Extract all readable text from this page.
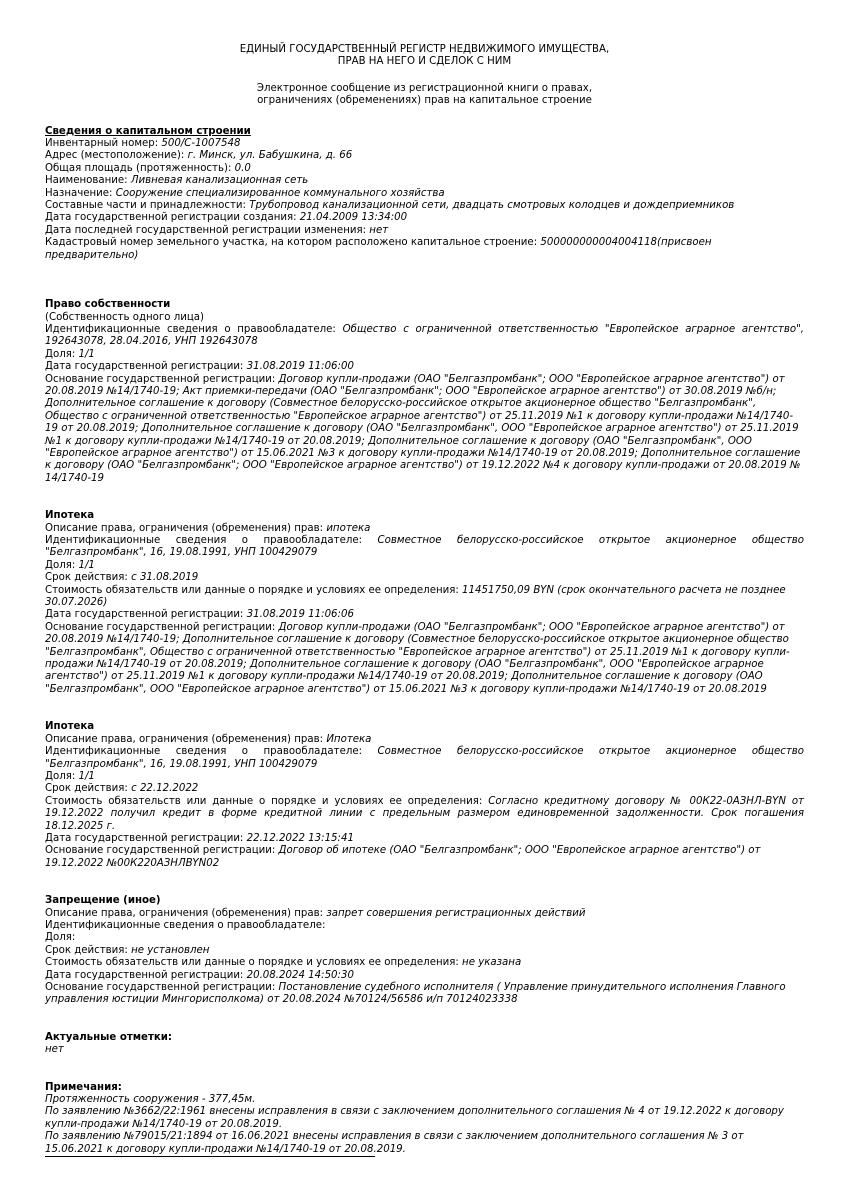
ЕДИНЫЙ ГОСУДАРСТВЕННЫЙ РЕГИСТР НЕДВИЖИМОГО ИМУЩЕСТВА,
ПРАВ НА НЕГО И СДЕЛОК С НИМ
Электронное сообщение из регистрационной книги о правах,
ограничениях (обременениях) прав на капитальное строение
Сведения о капитальном строении
Инвентарный номер: 500/C-1007548
Адрес (местоположение): г. Минск, ул. Бабушкина, д. 66
Общая площадь (протяженность): 0.0
Наименование: Ливневая канализационная сеть
Назначение: Сооружение специализированное коммунального хозяйства
Составные части и принадлежности: Трубопровод канализационной сети, двадцать смотровых колодцев и дождеприемников
Дата государственной регистрации создания: 21.04.2009 13:34:00
Дата последней государственной регистрации изменения: нет
Кадастровый номер земельного участка, на котором расположено капитальное строение: 500000000004004118(присвоен предварительно)
Право собственности
(Собственность одного лица)
Идентификационные сведения о правообладателе: Общество с ограниченной ответственностью "Европейское аграрное агентство", 192643078, 28.04.2016, УНП 192643078
Доля: 1/1
Дата государственной регистрации: 31.08.2019 11:06:00
Основание государственной регистрации: Договор купли-продажи (ОАО "Белгазпромбанк"; ООО "Европейское аграрное агентство") от 20.08.2019 №14/1740-19; Акт приемки-передачи (ОАО "Белгазпромбанк"; ООО "Европейское аграрное агентство") от 30.08.2019 №б/н; Дополнительное соглашение к договору (Совместное белорусско-российское открытое акционерное общество "Белгазпромбанк", Общество с ограниченной ответственностью "Европейское аграрное агентство") от 25.11.2019 №1 к договору купли-продажи №14/1740-19 от 20.08.2019; Дополнительное соглашение к договору (ОАО "Белгазпромбанк", ООО "Европейское аграрное агентство") от 25.11.2019 №1 к договору купли-продажи №14/1740-19 от 20.08.2019; Дополнительное соглашение к договору (ОАО "Белгазпромбанк", ООО "Европейское аграрное агентство") от 15.06.2021 №3 к договору купли-продажи №14/1740-19 от 20.08.2019; Дополнительное соглашение к договору (ОАО "Белгазпромбанк"; ООО "Европейское аграрное агентство") от 19.12.2022 №4 к договору купли-продажи от 20.08.2019 № 14/1740-19
Ипотека
Описание права, ограничения (обременения) прав: ипотека
Идентификационные сведения о правообладателе: Совместное белорусско-российское открытое акционерное общество "Белгазпромбанк", 16, 19.08.1991, УНП 100429079
Доля: 1/1
Срок действия: с 31.08.2019
Стоимость обязательств или данные о порядке и условиях ее определения: 11451750,09 BYN (срок окончательного расчета не позднее 30.07.2026)
Дата государственной регистрации: 31.08.2019 11:06:06
Основание государственной регистрации: Договор купли-продажи (ОАО "Белгазпромбанк"; ООО "Европейское аграрное агентство") от 20.08.2019 №14/1740-19; Дополнительное соглашение к договору (Совместное белорусско-российское открытое акционерное общество "Белгазпромбанк", Общество с ограниченной ответственностью "Европейское аграрное агентство") от 25.11.2019 №1 к договору купли-продажи №14/1740-19 от 20.08.2019; Дополнительное соглашение к договору (ОАО "Белгазпромбанк", ООО "Европейское аграрное агентство") от 25.11.2019 №1 к договору купли-продажи №14/1740-19 от 20.08.2019; Дополнительное соглашение к договору (ОАО "Белгазпромбанк", ООО "Европейское аграрное агентство") от 15.06.2021 №3 к договору купли-продажи №14/1740-19 от 20.08.2019
Ипотека
Описание права, ограничения (обременения) прав: Ипотека
Идентификационные сведения о правообладателе: Совместное белорусско-российское открытое акционерное общество "Белгазпромбанк", 16, 19.08.1991, УНП 100429079
Доля: 1/1
Срок действия: с 22.12.2022
Стоимость обязательств или данные о порядке и условиях ее определения: Согласно кредитному договору № 00К22-0АЗНЛ-BYN от 19.12.2022 получил кредит в форме кредитной линии с предельным размером единовременной задолженности. Срок погашения 18.12.2025 г.
Дата государственной регистрации: 22.12.2022 13:15:41
Основание государственной регистрации: Договор об ипотеке (ОАО "Белгазпромбанк"; ООО "Европейское аграрное агентство") от 19.12.2022 №00К220АЗНЛBYN02
Запрещение (иное)
Описание права, ограничения (обременения) прав: запрет совершения регистрационных действий
Идентификационные сведения о правообладателе:
Доля:
Срок действия: не установлен
Стоимость обязательств или данные о порядке и условиях ее определения: не указана
Дата государственной регистрации: 20.08.2024 14:50:30
Основание государственной регистрации: Постановление судебного исполнителя ( Управление принудительного исполнения Главного управления юстиции Мингорисполкома) от 20.08.2024 №70124/56586 и/п 70124023338
Актуальные отметки:
нет
Примечания:
Протяженность сооружения - 377,45м.
По заявлению №3662/22:1961 внесены исправления в связи с заключением дополнительного соглашения № 4 от 19.12.2022 к договору купли-продажи №14/1740-19 от 20.08.2019.
По заявлению №79015/21:1894 от 16.06.2021 внесены исправления в связи с заключением дополнительного соглашения № 3 от 15.06.2021 к договору купли-продажи №14/1740-19 от 20.08.2019.
